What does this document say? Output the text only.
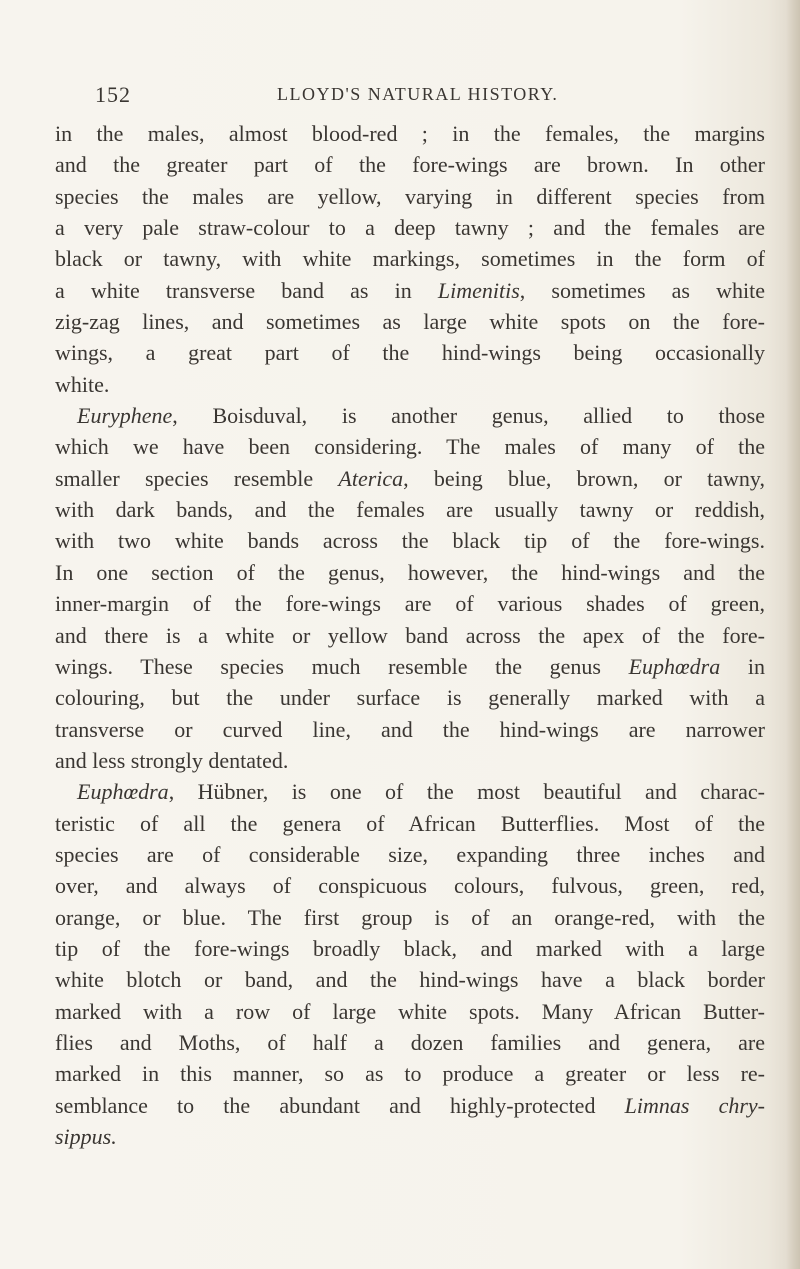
152	LLOYD'S NATURAL HISTORY.
in the males, almost blood-red ; in the females, the margins
and the greater part of the fore-wings are brown. In other
species the males are yellow, varying in different species from
a very pale straw-colour to a deep tawny ; and the females are
black or tawny, with white markings, sometimes in the form of
a white transverse band as in Limenitis, sometimes as white
zig-zag lines, and sometimes as large white spots on the fore-
wings, a great part of the hind-wings being occasionally
white.
Euryphene, Boisduval, is another genus, allied to those
which we have been considering. The males of many of the
smaller species resemble Aterica, being blue, brown, or tawny,
with dark bands, and the females are usually tawny or reddish,
with two white bands across the black tip of the fore-wings.
In one section of the genus, however, the hind-wings and the
inner-margin of the fore-wings are of various shades of green,
and there is a white or yellow band across the apex of the fore-
wings. These species much resemble the genus Euphœdra in
colouring, but the under surface is generally marked with a
transverse or curved line, and the hind-wings are narrower
and less strongly dentated.
Euphœdra, Hübner, is one of the most beautiful and charac-
teristic of all the genera of African Butterflies. Most of the
species are of considerable size, expanding three inches and
over, and always of conspicuous colours, fulvous, green, red,
orange, or blue. The first group is of an orange-red, with the
tip of the fore-wings broadly black, and marked with a large
white blotch or band, and the hind-wings have a black border
marked with a row of large white spots. Many African Butter-
flies and Moths, of half a dozen families and genera, are
marked in this manner, so as to produce a greater or less re-
semblance to the abundant and highly-protected Limnas chry-
sippus.
